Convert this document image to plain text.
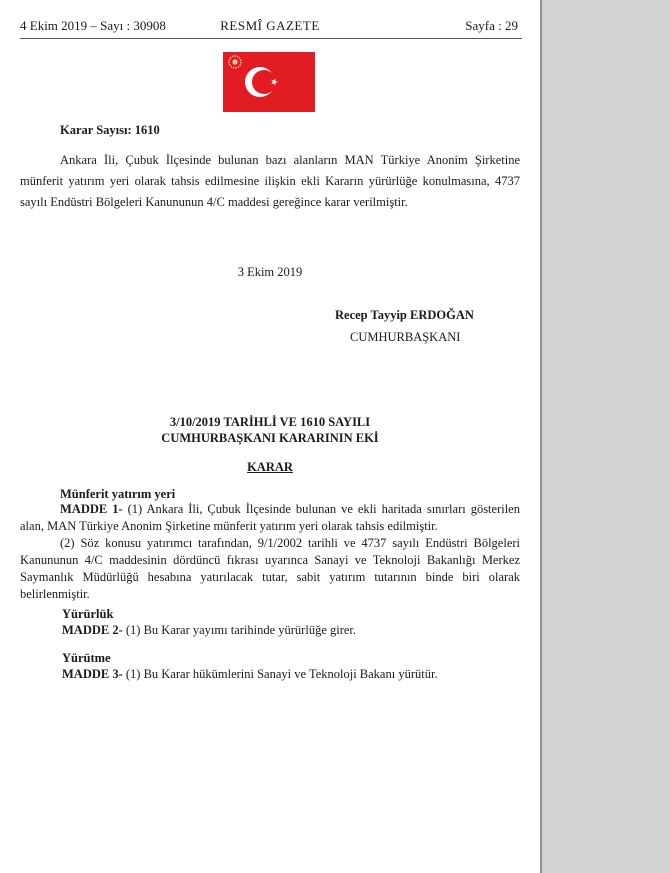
4 Ekim 2019 – Sayı : 30908	RESMÎ GAZETE	Sayfa : 29
Karar Sayısı: 1610
Ankara İli, Çubuk İlçesinde bulunan bazı alanların MAN Türkiye Anonim Şirketine münferit yatırım yeri olarak tahsis edilmesine ilişkin ekli Kararın yürürlüğe konulmasına, 4737 sayılı Endüstri Bölgeleri Kanununun 4/C maddesi gereğince karar verilmiştir.
3 Ekim 2019
Recep Tayyip ERDOĞAN
CUMHURBAŞKANI
3/10/2019 TARİHLİ VE 1610 SAYILI
CUMHURBAŞKANI KARARININ EKİ
KARAR
Münferit yatırım yeri
MADDE 1- (1) Ankara İli, Çubuk İlçesinde bulunan ve ekli haritada sınırları gösterilen alan, MAN Türkiye Anonim Şirketine münferit yatırım yeri olarak tahsis edilmiştir.
(2) Söz konusu yatırımcı tarafından, 9/1/2002 tarihli ve 4737 sayılı Endüstri Bölgeleri Kanununun 4/C maddesinin dördüncü fıkrası uyarınca Sanayi ve Teknoloji Bakanlığı Merkez Saymanlık Müdürlüğü hesabına yatırılacak tutar, sabit yatırım tutarının binde biri olarak belirlenmiştir.
Yürürlük
MADDE 2- (1) Bu Karar yayımı tarihinde yürürlüğe girer.
Yürütme
MADDE 3- (1) Bu Karar hükümlerini Sanayi ve Teknoloji Bakanı yürütür.
